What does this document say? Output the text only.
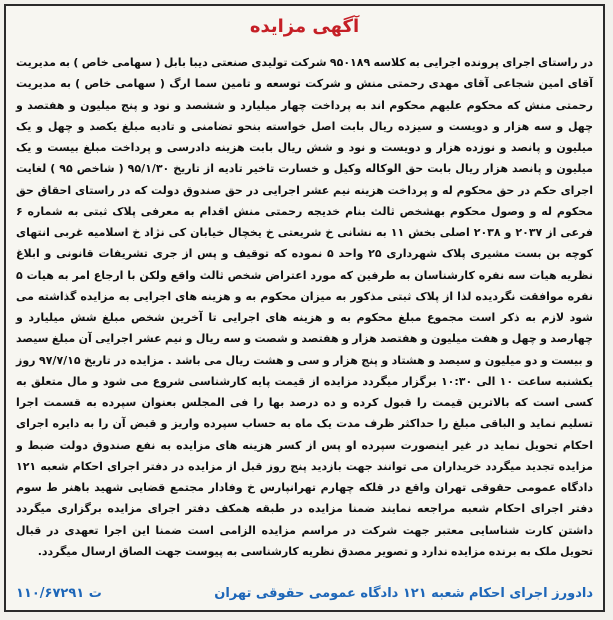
آگهی مزایده
در راستای اجرای پرونده اجرایی به کلاسه ۹۵۰۱۸۹ شرکت تولیدی صنعتی دیبا بابل ( سهامی خاص ) به مدیریت آقای امین شجاعی آقای مهدی رحمتی منش و شرکت توسعه و تامین سما ارگ ( سهامی خاص ) به مدیریت رحمتی منش که محکوم علیهم محکوم اند به پرداخت چهار میلیارد و ششصد و نود و پنج میلیون و هفتصد و چهل و سه هزار و دویست و سیزده ریال بابت اصل خواسته بنحو تضامنی و تادیه مبلغ یکصد و چهل و یک میلیون و پانصد و نوزده هزار و دویست و نود و شش ریال بابت هزینه دادرسی و پرداخت مبلغ بیست و یک میلیون و پانصد هزار ریال بابت حق الوکاله وکیل و خسارت تاخیر تادیه از تاریخ ۹۵/۱/۳۰ ( شاخص ۹۵ ) لغایت اجرای حکم در حق محکوم له و پرداخت هزینه نیم عشر اجرایی در حق صندوق دولت که در راستای احقاق حق محکوم له و وصول محکوم بهشخص ثالث بنام خدیجه رحمتی منش اقدام به معرفی پلاک ثبتی به شماره ۶ فرعی از ۲۰۳۷ و ۲۰۳۸ اصلی بخش ۱۱ به نشانی خ شریعتی خ یخچال خیابان کی نژاد خ اسلامیه غربی انتهای کوچه بن بست مشیری پلاک شهرداری ۲۵ واحد ۵ نموده که توقیف و پس از جری تشریفات قانونی و ابلاغ نظریه هیات سه نفره کارشناسان به طرفین که مورد اعتراض شخص ثالث واقع ولکن با ارجاع امر به هیات ۵ نفره موافقت نگردیده لذا از پلاک ثبتی مذکور به میزان محکوم به و هزینه های اجرایی به مزایده گذاشته می شود لازم به ذکر است مجموع مبلغ محکوم به و هزینه های اجرایی تا آخرین شخص مبلغ شش میلیارد و چهارصد و چهل و هفت میلیون و هفتصد هزار و هفتصد و شصت و سه ریال و نیم عشر اجرایی آن مبلغ سیصد و بیست و دو میلیون و سیصد و هشتاد و پنج هزار و سی و هشت ریال می باشد . مزایده در تاریخ ۹۷/۷/۱۵ روز یکشنبه ساعت ۱۰ الی ۱۰:۳۰ برگزار میگردد مزایده از قیمت پایه کارشناسی شروع می شود و مال متعلق به کسی است که بالاترین قیمت را قبول کرده و ده درصد بها را فی المجلس بعنوان سپرده به قسمت اجرا تسلیم نماید و الباقی مبلغ را حداکثر ظرف مدت یک ماه به حساب سپرده واریز و قبض آن را به دایره اجرای احکام تحویل نماید در غیر اینصورت سپرده او پس از کسر هزینه های مزایده به نفع صندوق دولت ضبط و مزایده تجدید میگردد خریداران می توانند جهت بازدید پنج روز قبل از مزایده در دفتر اجرای احکام شعبه ۱۲۱ دادگاه عمومی حقوقی تهران واقع در قلکه چهارم تهرانپارس خ وفادار مجتمع قضایی شهید باهنر ط سوم دفتر اجرای احکام شعبه مراجعه نمایند ضمنا مزایده در طبقه همکف دفتر اجرای مزایده برگزاری میگردد داشتن کارت شناسایی معتبر جهت شرکت در مراسم مزایده الزامی است ضمنا این اجرا تعهدی در قبال تحویل ملک به برنده مزایده ندارد و تصویر مصدق نظریه کارشناسی به پیوست جهت الصاق ارسال میگردد.
دادورز اجرای احکام شعبه ۱۲۱ دادگاه عمومی حقوقی تهران
۱۱۰/۶۷۲۹۱ ت
